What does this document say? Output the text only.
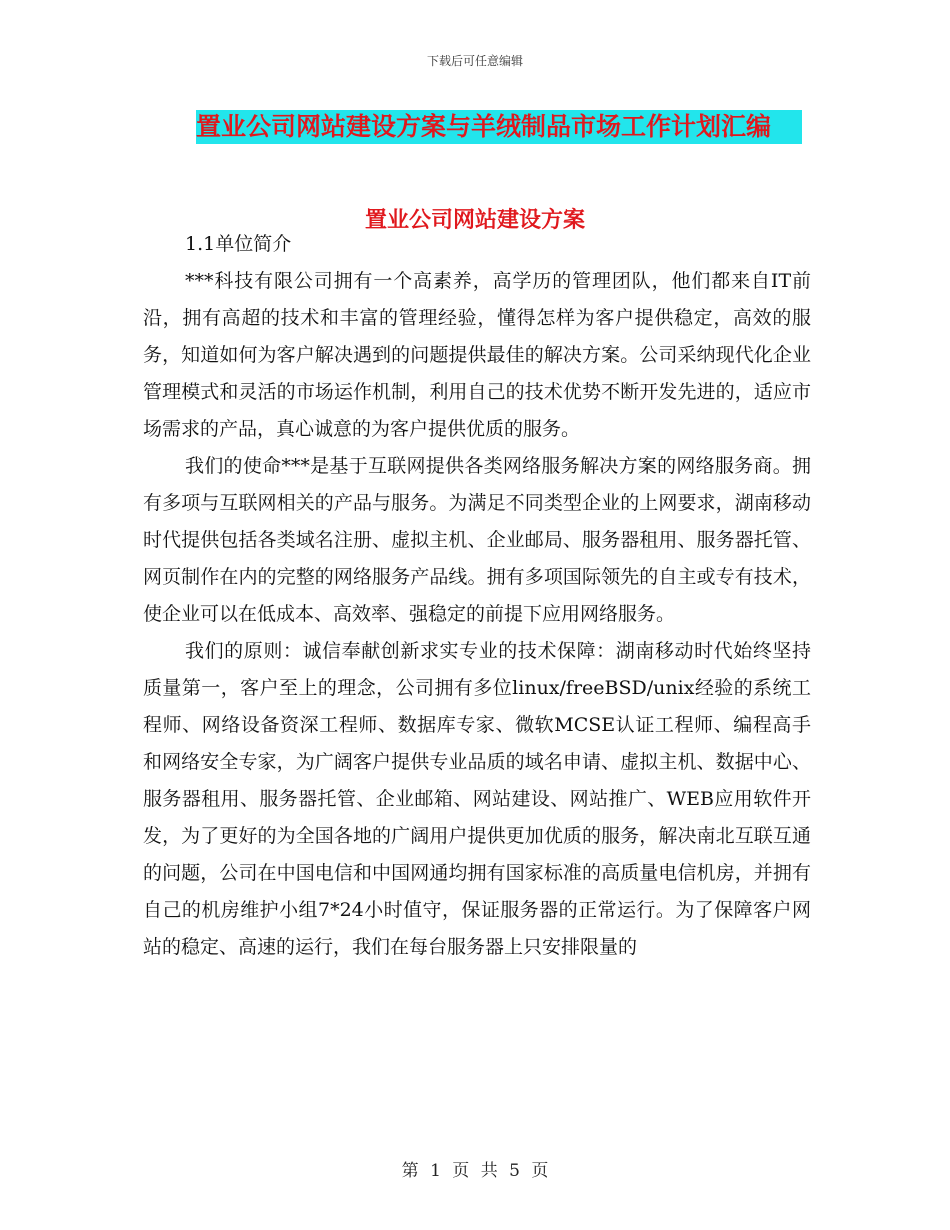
下载后可任意编辑
置业公司网站建设方案与羊绒制品市场工作计划汇编
置业公司网站建设方案

1.1单位简介

***科技有限公司拥有一个高素养，高学历的管理团队，他们都来自IT前沿，拥有高超的技术和丰富的管理经验，懂得怎样为客户提供稳定，高效的服务，知道如何为客户解决遇到的问题提供最佳的解决方案。公司采纳现代化企业管理模式和灵活的市场运作机制，利用自己的技术优势不断开发先进的，适应市场需求的产品，真心诚意的为客户提供优质的服务。

我们的使命***是基于互联网提供各类网络服务解决方案的网络服务商。拥有多项与互联网相关的产品与服务。为满足不同类型企业的上网要求，湖南移动时代提供包括各类域名注册、虚拟主机、企业邮局、服务器租用、服务器托管、网页制作在内的完整的网络服务产品线。拥有多项国际领先的自主或专有技术，使企业可以在低成本、高效率、强稳定的前提下应用网络服务。

我们的原则：诚信奉献创新求实专业的技术保障：湖南移动时代始终坚持质量第一，客户至上的理念，公司拥有多位linux/freeBSD/unix经验的系统工程师、网络设备资深工程师、数据库专家、微软MCSE认证工程师、编程高手和网络安全专家，为广阔客户提供专业品质的域名申请、虚拟主机、数据中心、服务器租用、服务器托管、企业邮箱、网站建设、网站推广、WEB应用软件开发，为了更好的为全国各地的广阔用户提供更加优质的服务，解决南北互联互通的问题，公司在中国电信和中国网通均拥有国家标准的高质量电信机房，并拥有自己的机房维护小组7*24小时值守，保证服务器的正常运行。为了保障客户网站的稳定、高速的运行，我们在每台服务器上只安排限量的

第 1 页 共 5 页
